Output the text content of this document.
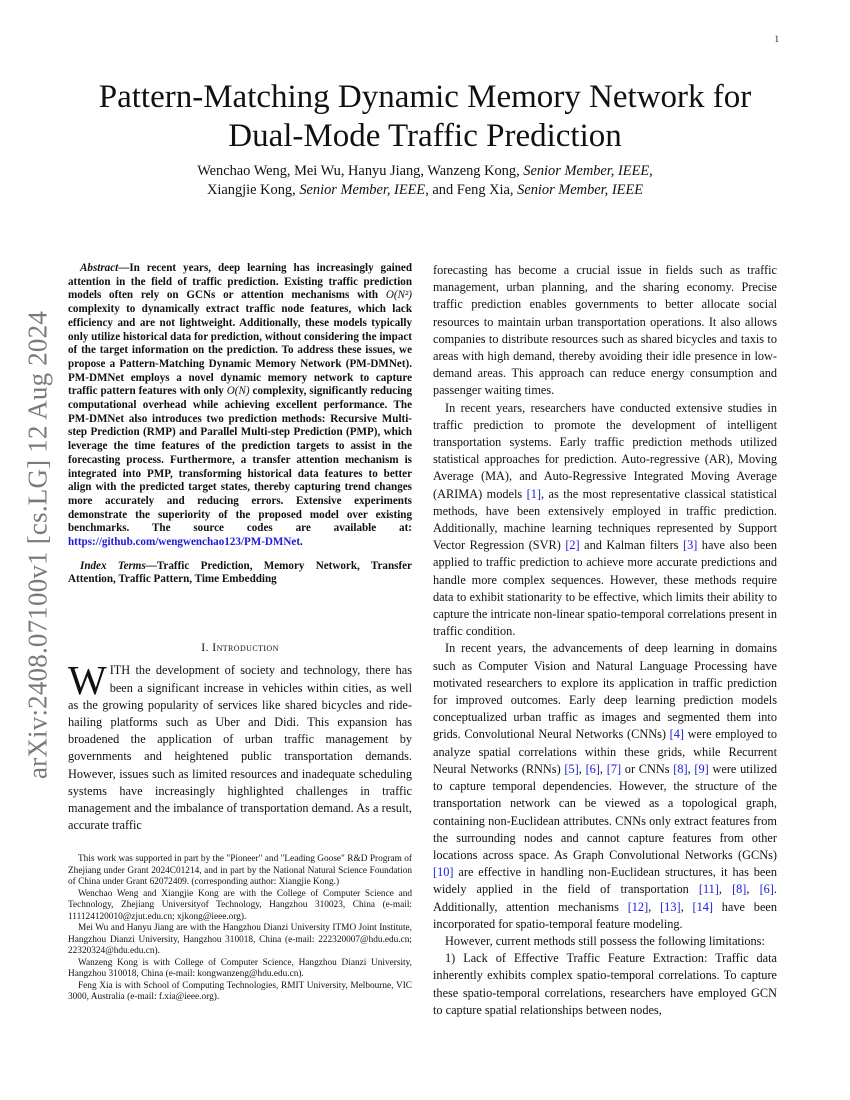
1
arXiv:2408.07100v1 [cs.LG] 12 Aug 2024
Pattern-Matching Dynamic Memory Network for
Dual-Mode Traffic Prediction
Wenchao Weng, Mei Wu, Hanyu Jiang, Wanzeng Kong, Senior Member, IEEE,
Xiangjie Kong, Senior Member, IEEE, and Feng Xia, Senior Member, IEEE

Abstract—In recent years, deep learning has increasingly gained attention in the field of traffic prediction. Existing traffic prediction models often rely on GCNs or attention mechanisms with O(N²) complexity to dynamically extract traffic node features, which lack efficiency and are not lightweight. Additionally, these models typically only utilize historical data for prediction, without considering the impact of the target information on the prediction. To address these issues, we propose a Pattern-Matching Dynamic Memory Network (PM-DMNet). PM-DMNet employs a novel dynamic memory network to capture traffic pattern features with only O(N) complexity, significantly reducing computational overhead while achieving excellent performance. The PM-DMNet also introduces two prediction methods: Recursive Multi-step Prediction (RMP) and Parallel Multi-step Prediction (PMP), which leverage the time features of the prediction targets to assist in the forecasting process. Furthermore, a transfer attention mechanism is integrated into PMP, transforming historical data features to better align with the predicted target states, thereby capturing trend changes more accurately and reducing errors. Extensive experiments demonstrate the superiority of the proposed model over existing benchmarks. The source codes are available at: https://github.com/wengwenchao123/PM-DMNet.

Index Terms—Traffic Prediction, Memory Network, Transfer Attention, Traffic Pattern, Time Embedding

I. Introduction

WITH the development of society and technology, there has been a significant increase in vehicles within cities, as well as the growing popularity of services like shared bicycles and ride-hailing platforms such as Uber and Didi. This expansion has broadened the application of urban traffic management by governments and heightened public transportation demands. However, issues such as limited resources and inadequate scheduling systems have increasingly highlighted challenges in traffic management and the imbalance of transportation demand. As a result, accurate traffic

This work was supported in part by the "Pioneer" and "Leading Goose" R&D Program of Zhejiang under Grant 2024C01214, and in part by the National Natural Science Foundation of China under Grant 62072409. (corresponding author: Xiangjie Kong.)

Wenchao Weng and Xiangjie Kong are with the College of Computer Science and Technology, Zhejiang Universityof Technology, Hangzhou 310023, China (e-mail: 111124120010@zjut.edu.cn; xjkong@ieee.org).

Mei Wu and Hanyu Jiang are with the Hangzhou Dianzi University ITMO Joint Institute, Hangzhou Dianzi University, Hangzhou 310018, China (e-mail: 222320007@hdu.edu.cn; 22320324@hdu.edu.cn).

Wanzeng Kong is with College of Computer Science, Hangzhou Dianzi University, Hangzhou 310018, China (e-mail: kongwanzeng@hdu.edu.cn).

Feng Xia is with School of Computing Technologies, RMIT University, Melbourne, VIC 3000, Australia (e-mail: f.xia@ieee.org).

forecasting has become a crucial issue in fields such as traffic management, urban planning, and the sharing economy. Precise traffic prediction enables governments to better allocate social resources to maintain urban transportation operations. It also allows companies to distribute resources such as shared bicycles and taxis to areas with high demand, thereby avoiding their idle presence in low-demand areas. This approach can reduce energy consumption and passenger waiting times.

In recent years, researchers have conducted extensive studies in traffic prediction to promote the development of intelligent transportation systems. Early traffic prediction methods utilized statistical approaches for prediction. Auto-regressive (AR), Moving Average (MA), and Auto-Regressive Integrated Moving Average (ARIMA) models [1], as the most representative classical statistical methods, have been extensively employed in traffic prediction. Additionally, machine learning techniques represented by Support Vector Regression (SVR) [2] and Kalman filters [3] have also been applied to traffic prediction to achieve more accurate predictions and handle more complex sequences. However, these methods require data to exhibit stationarity to be effective, which limits their ability to capture the intricate non-linear spatio-temporal correlations present in traffic condition.

In recent years, the advancements of deep learning in domains such as Computer Vision and Natural Language Processing have motivated researchers to explore its application in traffic prediction for improved outcomes. Early deep learning prediction models conceptualized urban traffic as images and segmented them into grids. Convolutional Neural Networks (CNNs) [4] were employed to analyze spatial correlations within these grids, while Recurrent Neural Networks (RNNs) [5], [6], [7] or CNNs [8], [9] were utilized to capture temporal dependencies. However, the structure of the transportation network can be viewed as a topological graph, containing non-Euclidean attributes. CNNs only extract features from the surrounding nodes and cannot capture features from other locations across space. As Graph Convolutional Networks (GCNs) [10] are effective in handling non-Euclidean structures, it has been widely applied in the field of transportation [11], [8], [6]. Additionally, attention mechanisms [12], [13], [14] have been incorporated for spatio-temporal feature modeling.

However, current methods still possess the following limitations:

1) Lack of Effective Traffic Feature Extraction: Traffic data inherently exhibits complex spatio-temporal correlations. To capture these spatio-temporal correlations, researchers have employed GCN to capture spatial relationships between nodes,
